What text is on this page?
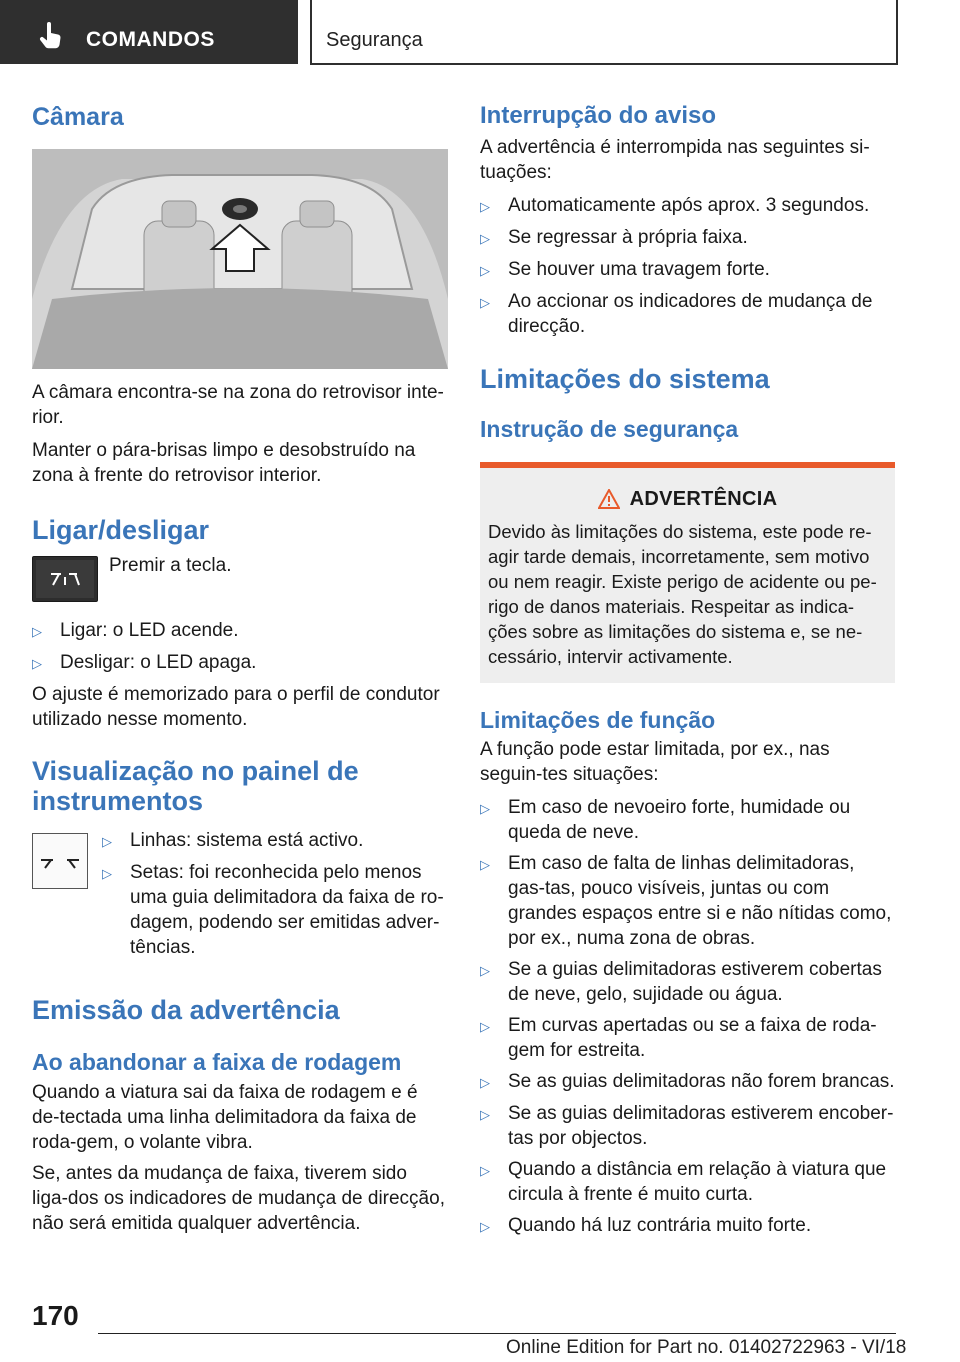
COMANDOS	Segurança
Câmara

A câmara encontra-se na zona do retrovisor inte-rior.

Manter o pára-brisas limpo e desobstruído na zona à frente do retrovisor interior.

Ligar/desligar

Premir a tecla.

▷ Ligar: o LED acende.
▷ Desligar: o LED apaga.

O ajuste é memorizado para o perfil de condutor utilizado nesse momento.

Visualização no painel de instrumentos
▷ Linhas: sistema está activo.
▷ Setas: foi reconhecida pelo menos uma guia delimitadora da faixa de ro-dagem, podendo ser emitidas adver-tências.
Emissão da advertência
Ao abandonar a faixa de rodagem

Quando a viatura sai da faixa de rodagem e é de-tectada uma linha delimitadora da faixa de roda-gem, o volante vibra.

Se, antes da mudança de faixa, tiverem sido liga-dos os indicadores de mudança de direcção, não será emitida qualquer advertência.

Interrupção do aviso

A advertência é interrompida nas seguintes si-tuações:

▷ Automaticamente após aprox. 3 segundos.
▷ Se regressar à própria faixa.
▷ Se houver uma travagem forte.
▷ Ao accionar os indicadores de mudança de direcção.
Limitações do sistema
Instrução de segurança
ADVERTÊNCIA

Devido às limitações do sistema, este pode re-agir tarde demais, incorretamente, sem motivo ou nem reagir. Existe perigo de acidente ou pe-rigo de danos materiais. Respeitar as indica-ções sobre as limitações do sistema e, se ne-cessário, intervir activamente.

Limitações de função

A função pode estar limitada, por ex., nas seguin-tes situações:

▷ Em caso de nevoeiro forte, humidade ou queda de neve.
▷ Em caso de falta de linhas delimitadoras, gas-tas, pouco visíveis, juntas ou com grandes espaços entre si e não nítidas como, por ex., numa zona de obras.
▷ Se a guias delimitadoras estiverem cobertas de neve, gelo, sujidade ou água.
▷ Em curvas apertadas ou se a faixa de roda-gem for estreita.
▷ Se as guias delimitadoras não forem brancas.
▷ Se as guias delimitadoras estiverem encober-tas por objectos.
▷ Quando a distância em relação à viatura que circula à frente é muito curta.
▷ Quando há luz contrária muito forte.
170
Online Edition for Part no. 01402722963 - VI/18
